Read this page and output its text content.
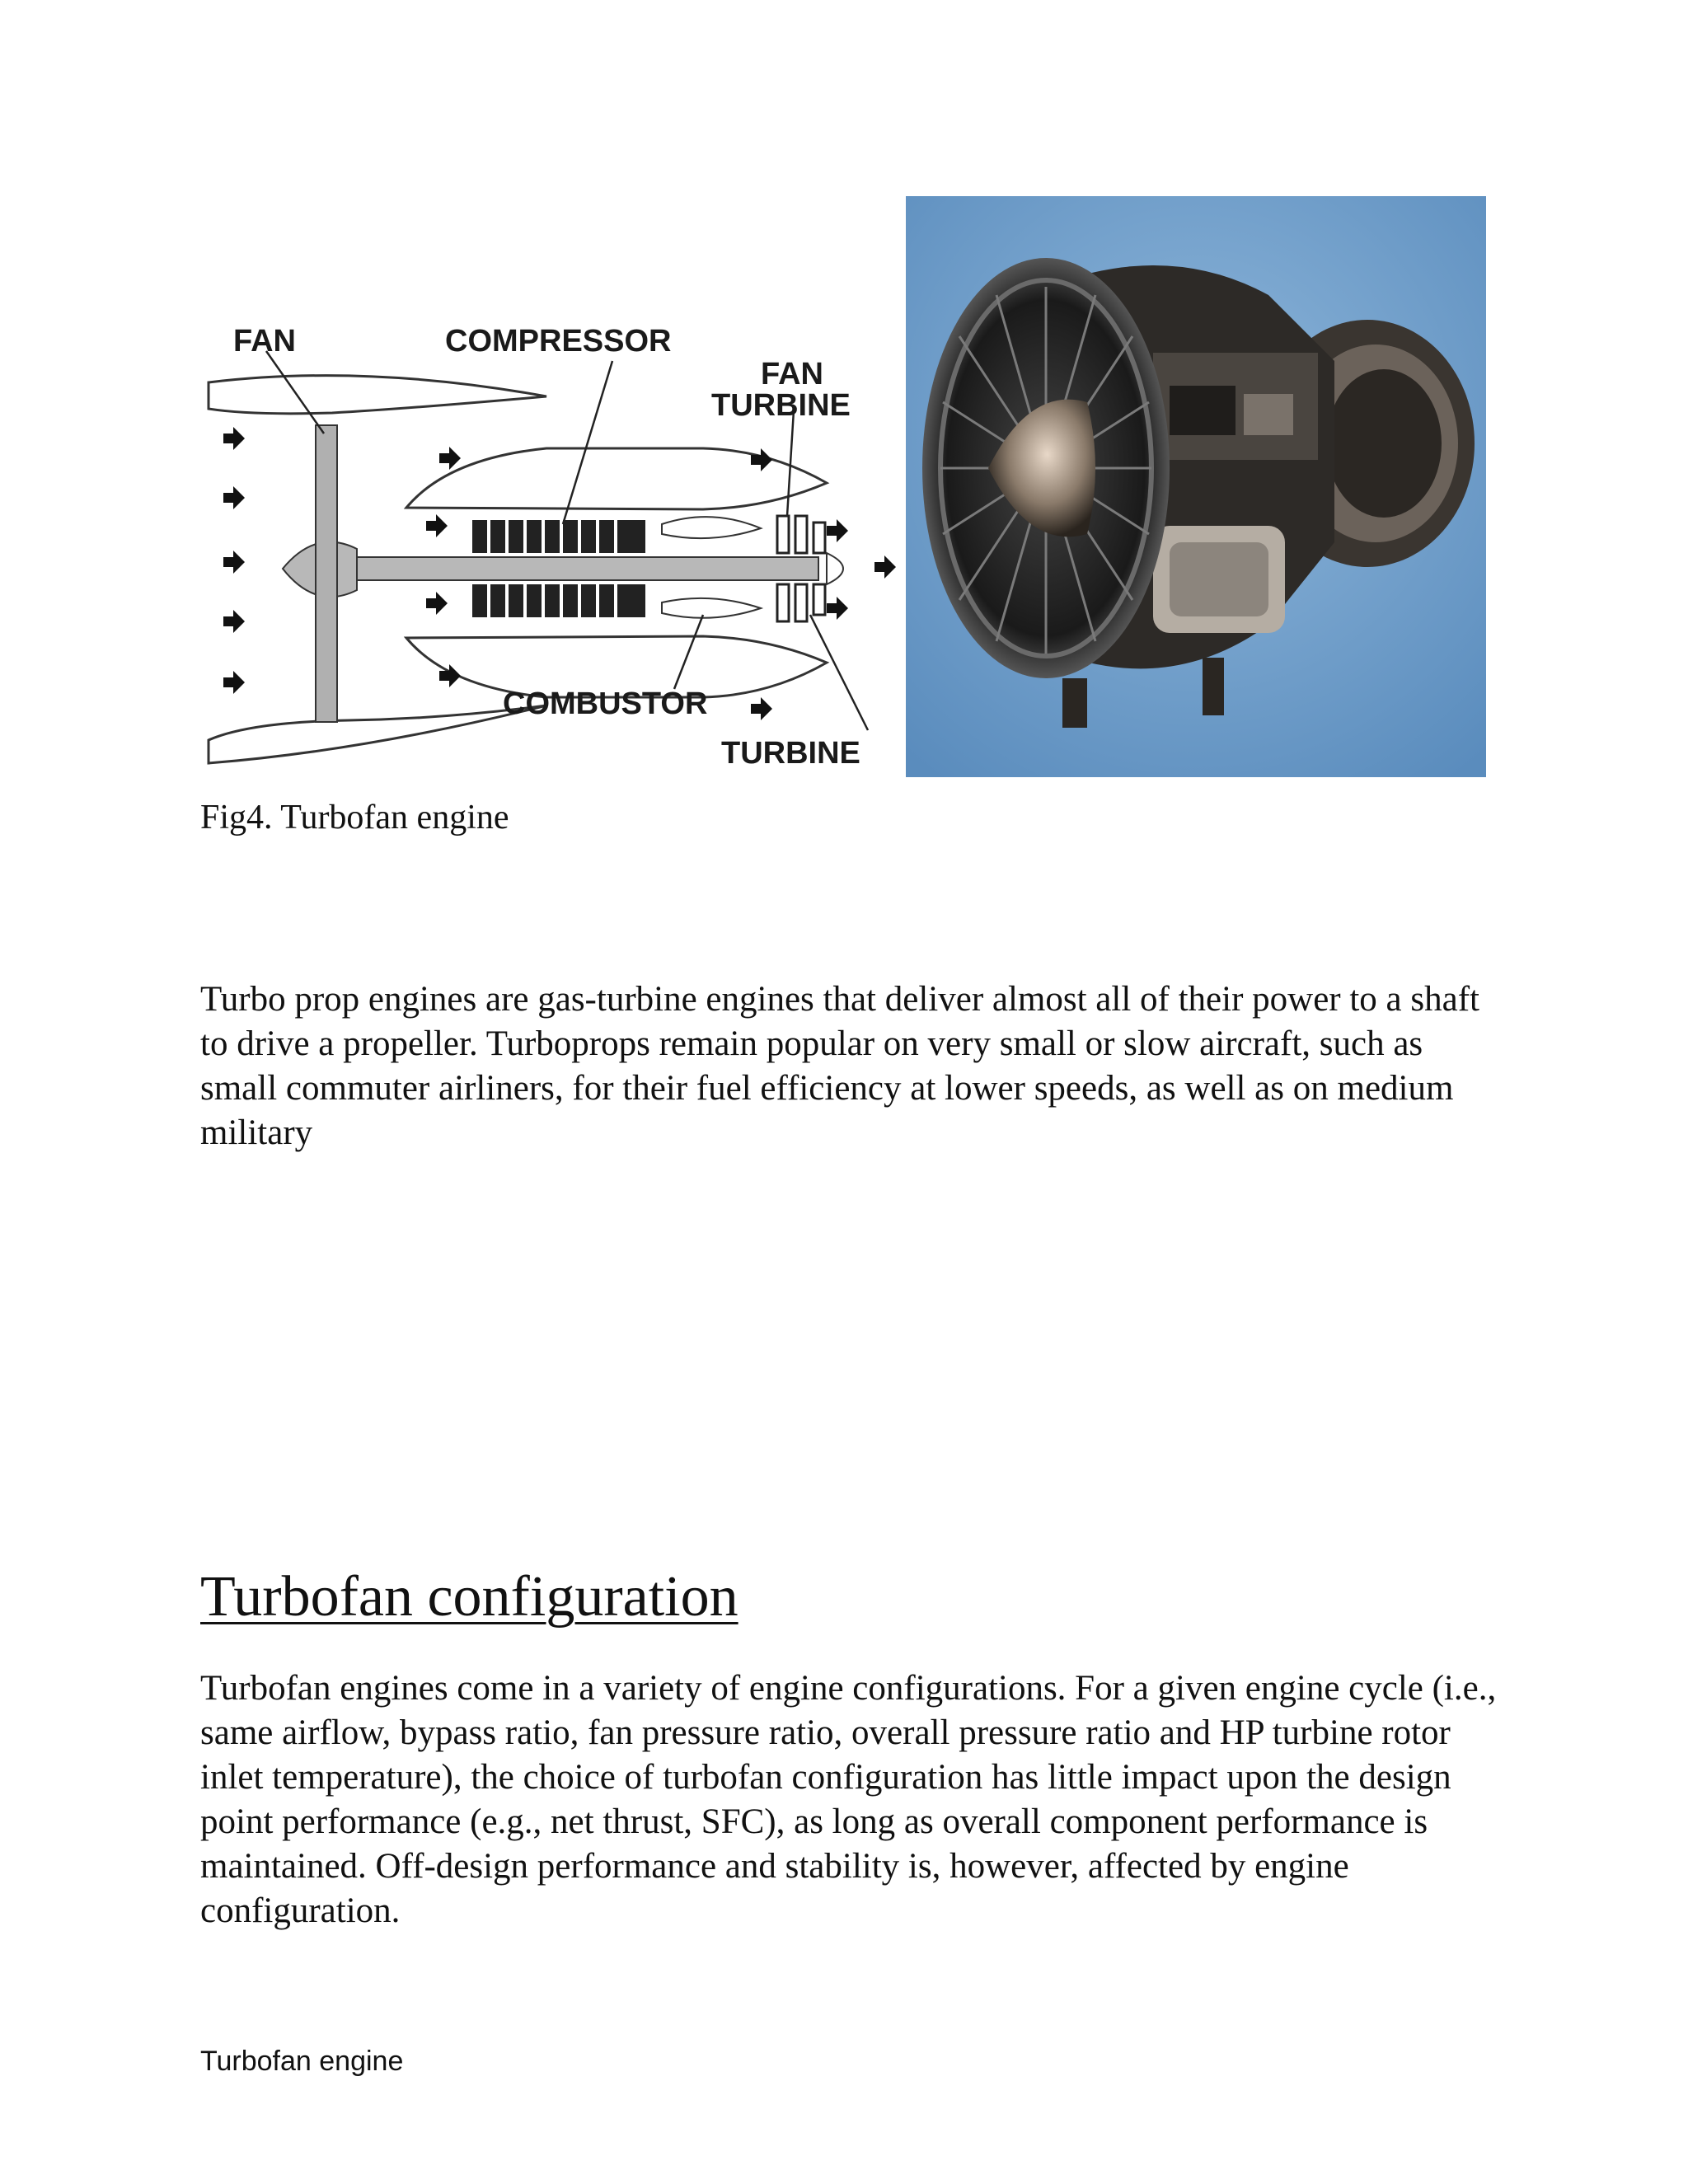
FAN	COMPRESSOR
FAN
TURBINE
COMBUSTOR
TURBINE
Fig4. Turbofan engine

Turbo prop engines are gas-turbine engines that deliver almost all of their power to a shaft to drive a propeller. Turboprops remain popular on very small or slow aircraft, such as small commuter airliners, for their fuel efficiency at lower speeds, as well as on medium military

Turbofan configuration

Turbofan engines come in a variety of engine configurations. For a given engine cycle (i.e., same airflow, bypass ratio, fan pressure ratio, overall pressure ratio and HP turbine rotor inlet temperature), the choice of turbofan configuration has little impact upon the design point performance (e.g., net thrust, SFC), as long as overall component performance is maintained. Off-design performance and stability is, however, affected by engine configuration.

Turbofan engine
